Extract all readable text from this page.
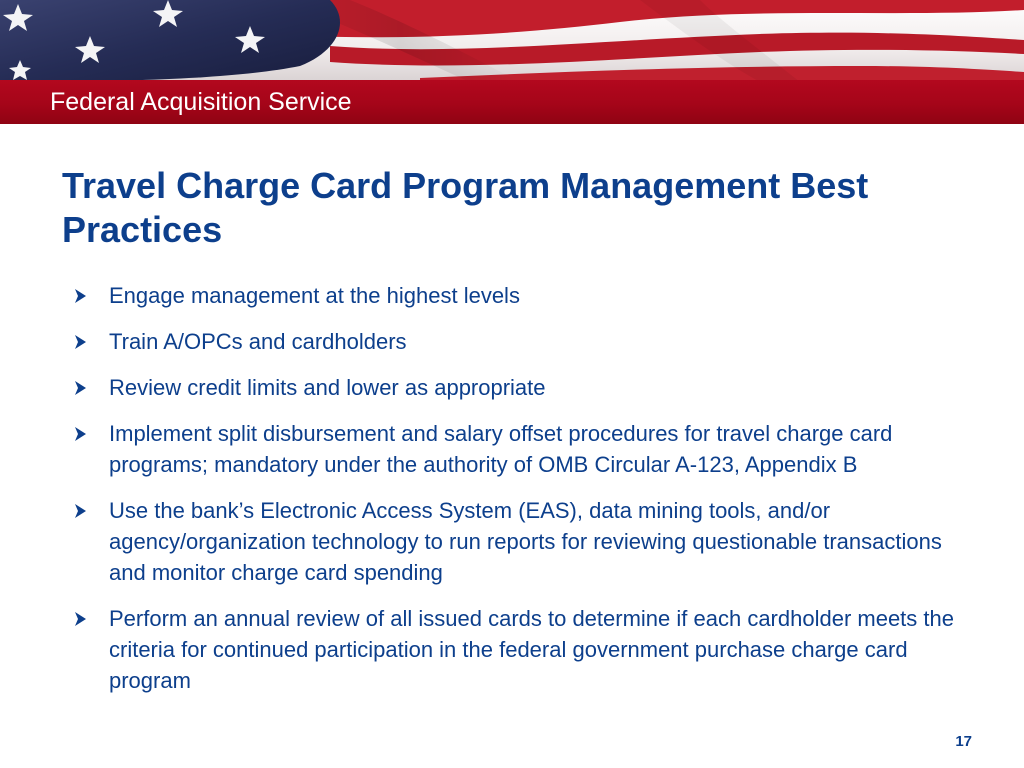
Federal Acquisition Service
Travel Charge Card Program Management Best Practices
Engage management at the highest levels
Train A/OPCs and cardholders
Review credit limits and lower as appropriate
Implement split disbursement and salary offset procedures for travel charge card programs; mandatory under the authority of OMB Circular A-123, Appendix B
Use the bank’s Electronic Access System (EAS), data mining tools, and/or agency/organization technology to run reports for reviewing questionable transactions and monitor charge card spending
Perform an annual review of all issued cards to determine if each cardholder meets the criteria for continued participation in the federal government purchase charge card program
17
